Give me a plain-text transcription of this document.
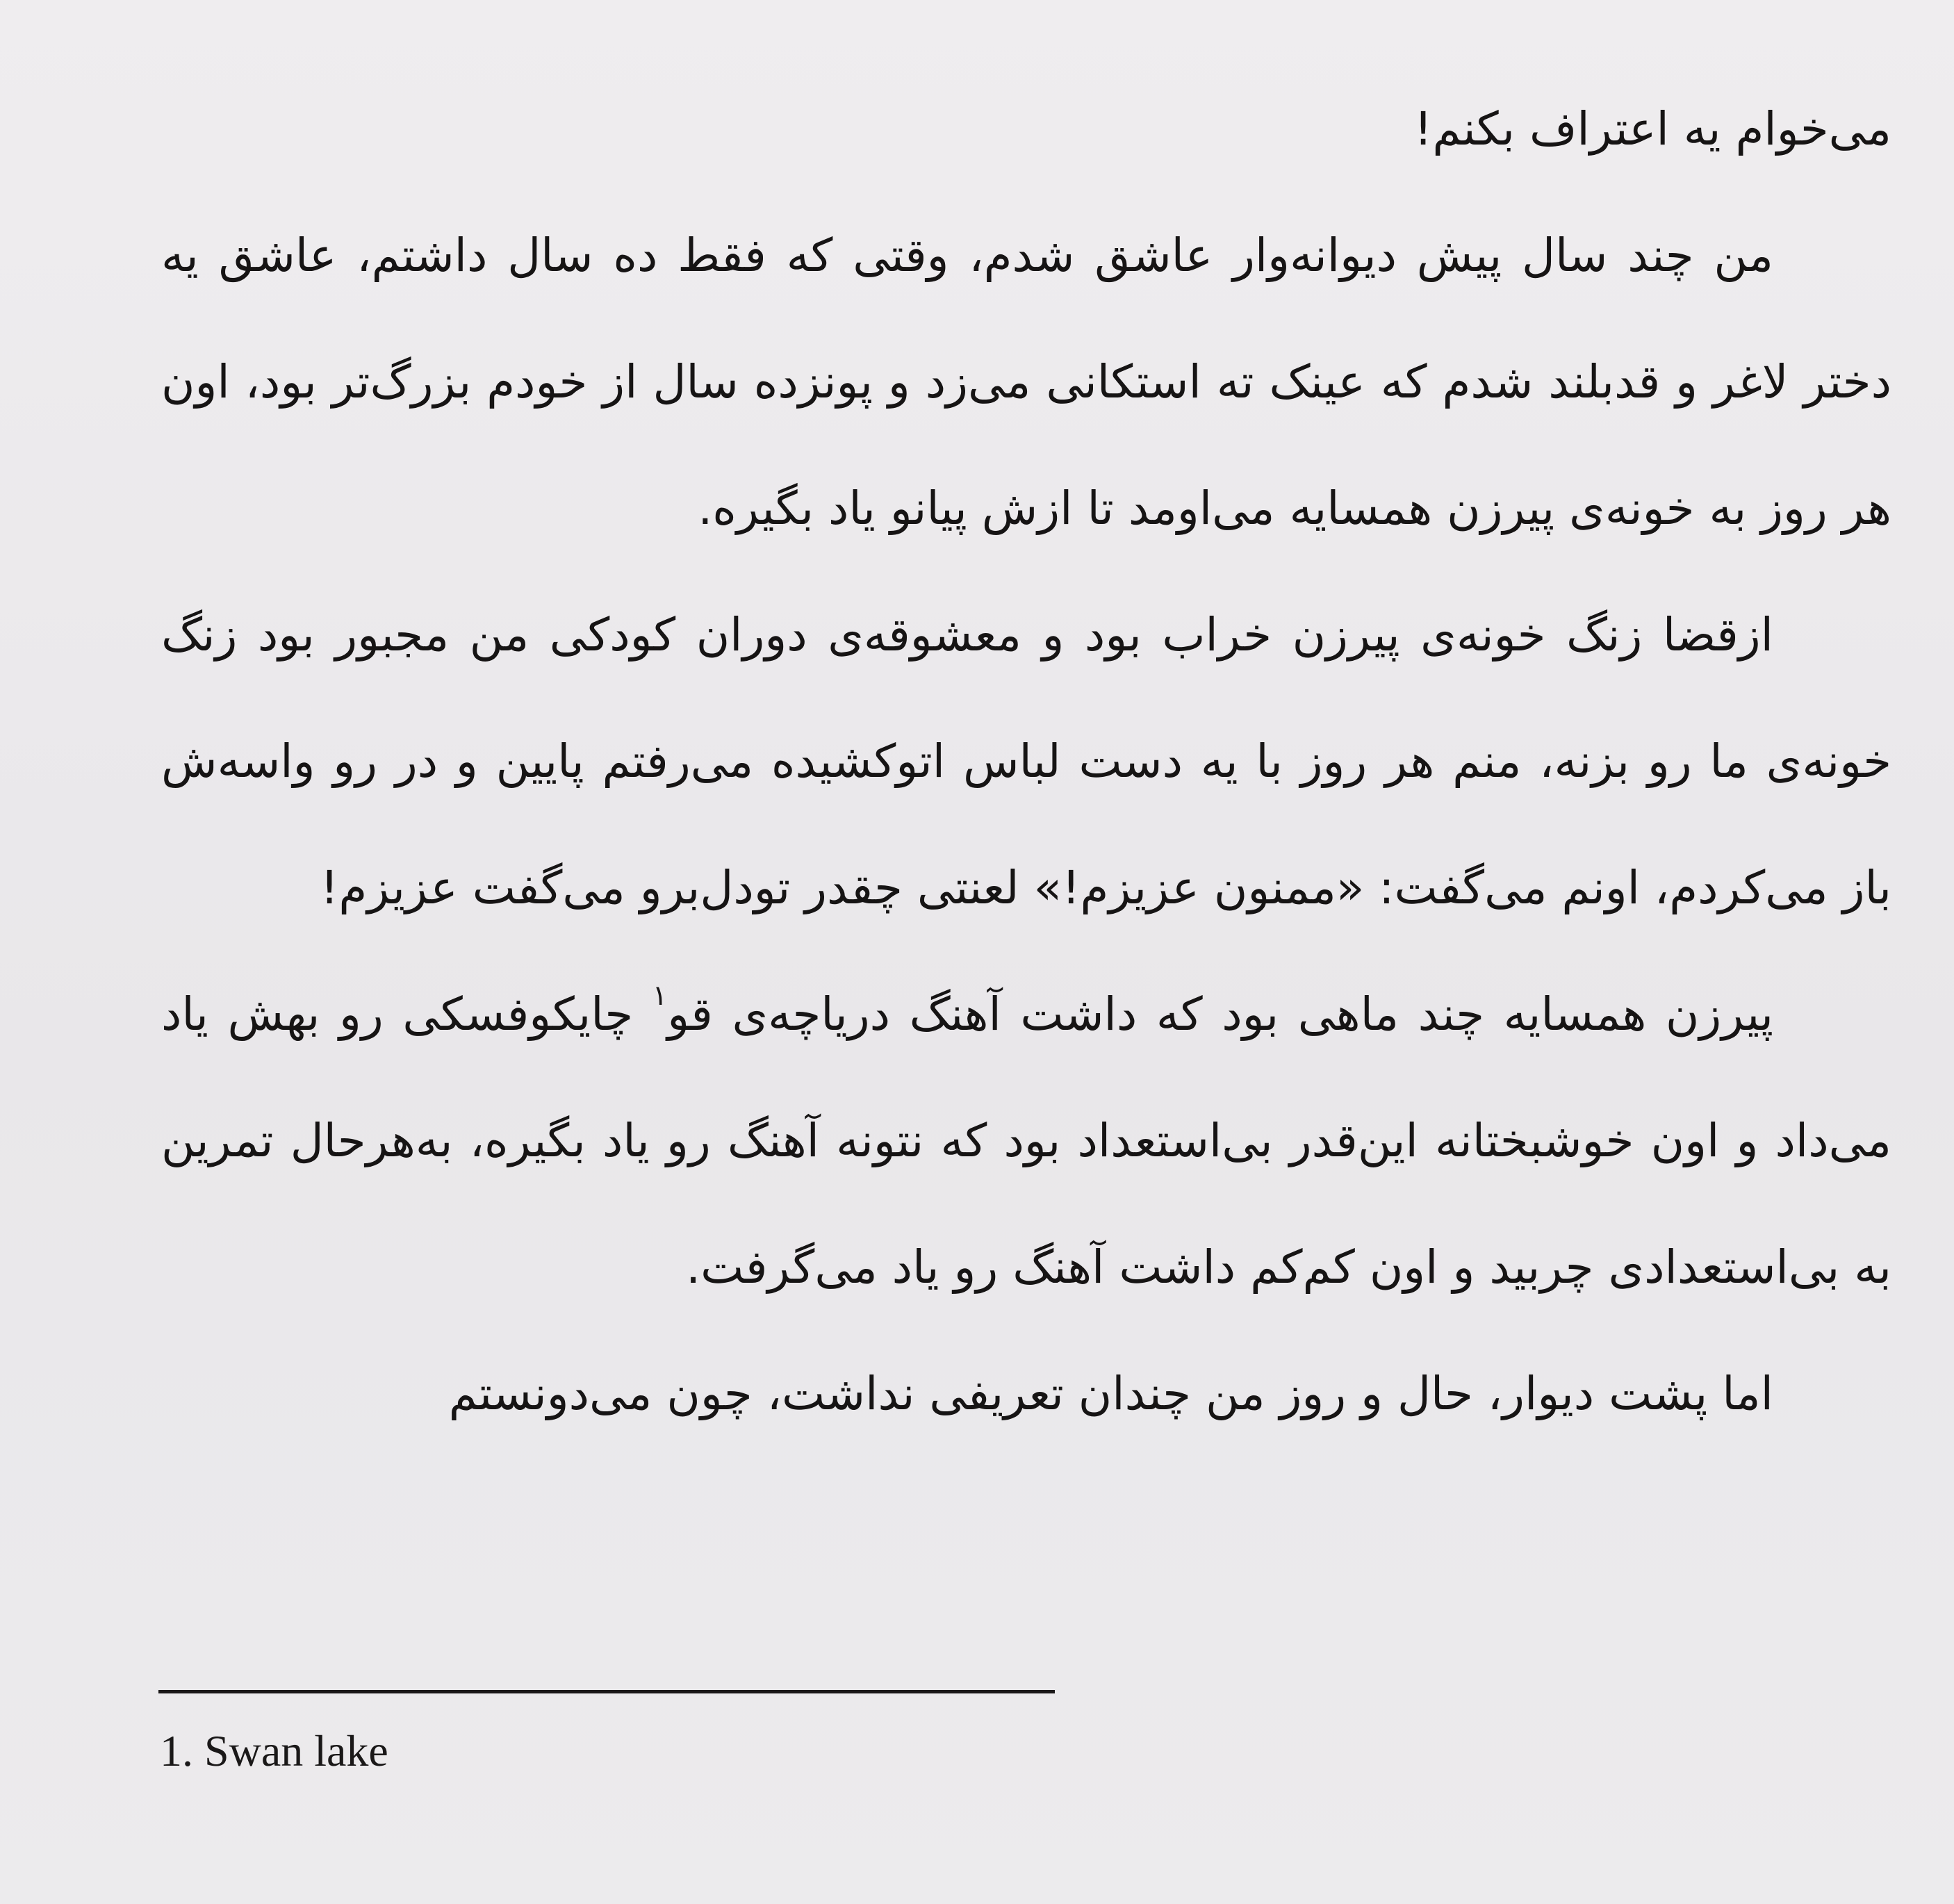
می‌خوام یه اعتراف بکنم!

من چند سال پیش دیوانه‌وار عاشق شدم، وقتی که فقط ده سال داشتم، عاشق یه دختر لاغر و قدبلند شدم که عینک ته استکانی می‌زد و پونزده سال از خودم بزرگ‌تر بود، اون هر روز به خونه‌ی پیرزن همسایه می‌اومد تا ازش پیانو یاد بگیره.

ازقضا زنگ خونه‌ی پیرزن خراب بود و معشوقه‌ی دوران کودکی من مجبور بود زنگ خونه‌ی ما رو بزنه، منم هر روز با یه دست لباس اتوکشیده می‌رفتم پایین و در رو واسه‌ش باز می‌کردم، اونم می‌گفت: «ممنون عزیزم!» لعنتی چقدر تودل‌برو می‌گفت عزیزم!

پیرزن همسایه چند ماهی بود که داشت آهنگ دریاچه‌ی قو$^۱$ چایکوفسکی رو بهش یاد می‌داد و اون خوشبختانه این‌قدر بی‌استعداد بود که نتونه آهنگ رو یاد بگیره، به‌هرحال تمرین به بی‌استعدادی چربید و اون کم‌کم داشت آهنگ رو یاد می‌گرفت.

اما پشت دیوار، حال و روز من چندان تعریفی نداشت، چون می‌دونستم

1. Swan lake
